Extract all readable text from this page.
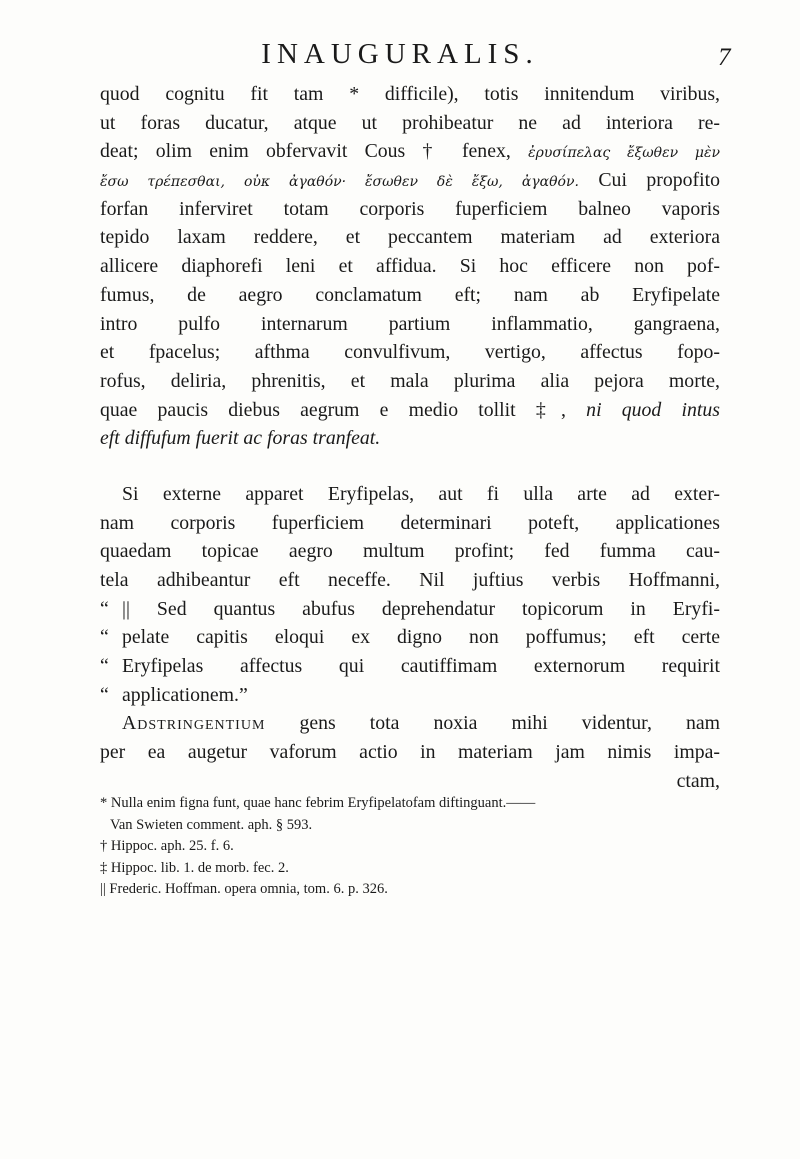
INAUGURALIS.	7
quod cognitu fit tam * difficile), totis innitendum viribus,
ut foras ducatur, atque ut prohibeatur ne ad interiora re-
deat; olim enim obfervavit Cous † fenex, ἐρυσίπελας ἔξωθεν μὲν
ἔσω τρέπεσθαι, οὐκ ἀγαθόν· ἔσωθεν δὲ ἔξω, ἀγαθόν. Cui propofito
forfan inferviret totam corporis fuperficiem balneo vaporis
tepido laxam reddere, et peccantem materiam ad exteriora
allicere diaphorefi leni et affidua. Si hoc efficere non pof-
fumus, de aegro conclamatum eft; nam ab Eryfipelate
intro pulfo internarum partium inflammatio, gangraena,
et fpacelus; afthma convulfivum, vertigo, affectus fopo-
rofus, deliria, phrenitis, et mala plurima alia pejora morte,
quae paucis diebus aegrum e medio tollit ‡, ni quod intus
eft diffufum fuerit ac foras tranfeat.
Si externe apparet Eryfipelas, aut fi ulla arte ad exter-
nam corporis fuperficiem determinari poteft, applicationes
quaedam topicae aegro multum profint; fed fumma cau-
tela adhibeantur eft neceffe. Nil juftius verbis Hoffmanni,
“ || Sed quantus abufus deprehendatur topicorum in Eryfi-
“ pelate capitis eloqui ex digno non poffumus; eft certe
“ Eryfipelas affectus qui cautiffimam externorum requirit
“ applicationem.”
Adstringentium gens tota noxia mihi videntur, nam
per ea augetur vaforum actio in materiam jam nimis impa-
ctam,
* Nulla enim figna funt, quae hanc febrim Eryfipelatofam diftinguant.——
Van Swieten comment. aph. § 593.
† Hippoc. aph. 25. f. 6.
‡ Hippoc. lib. 1. de morb. fec. 2.
|| Frederic. Hoffman. opera omnia, tom. 6. p. 326.
